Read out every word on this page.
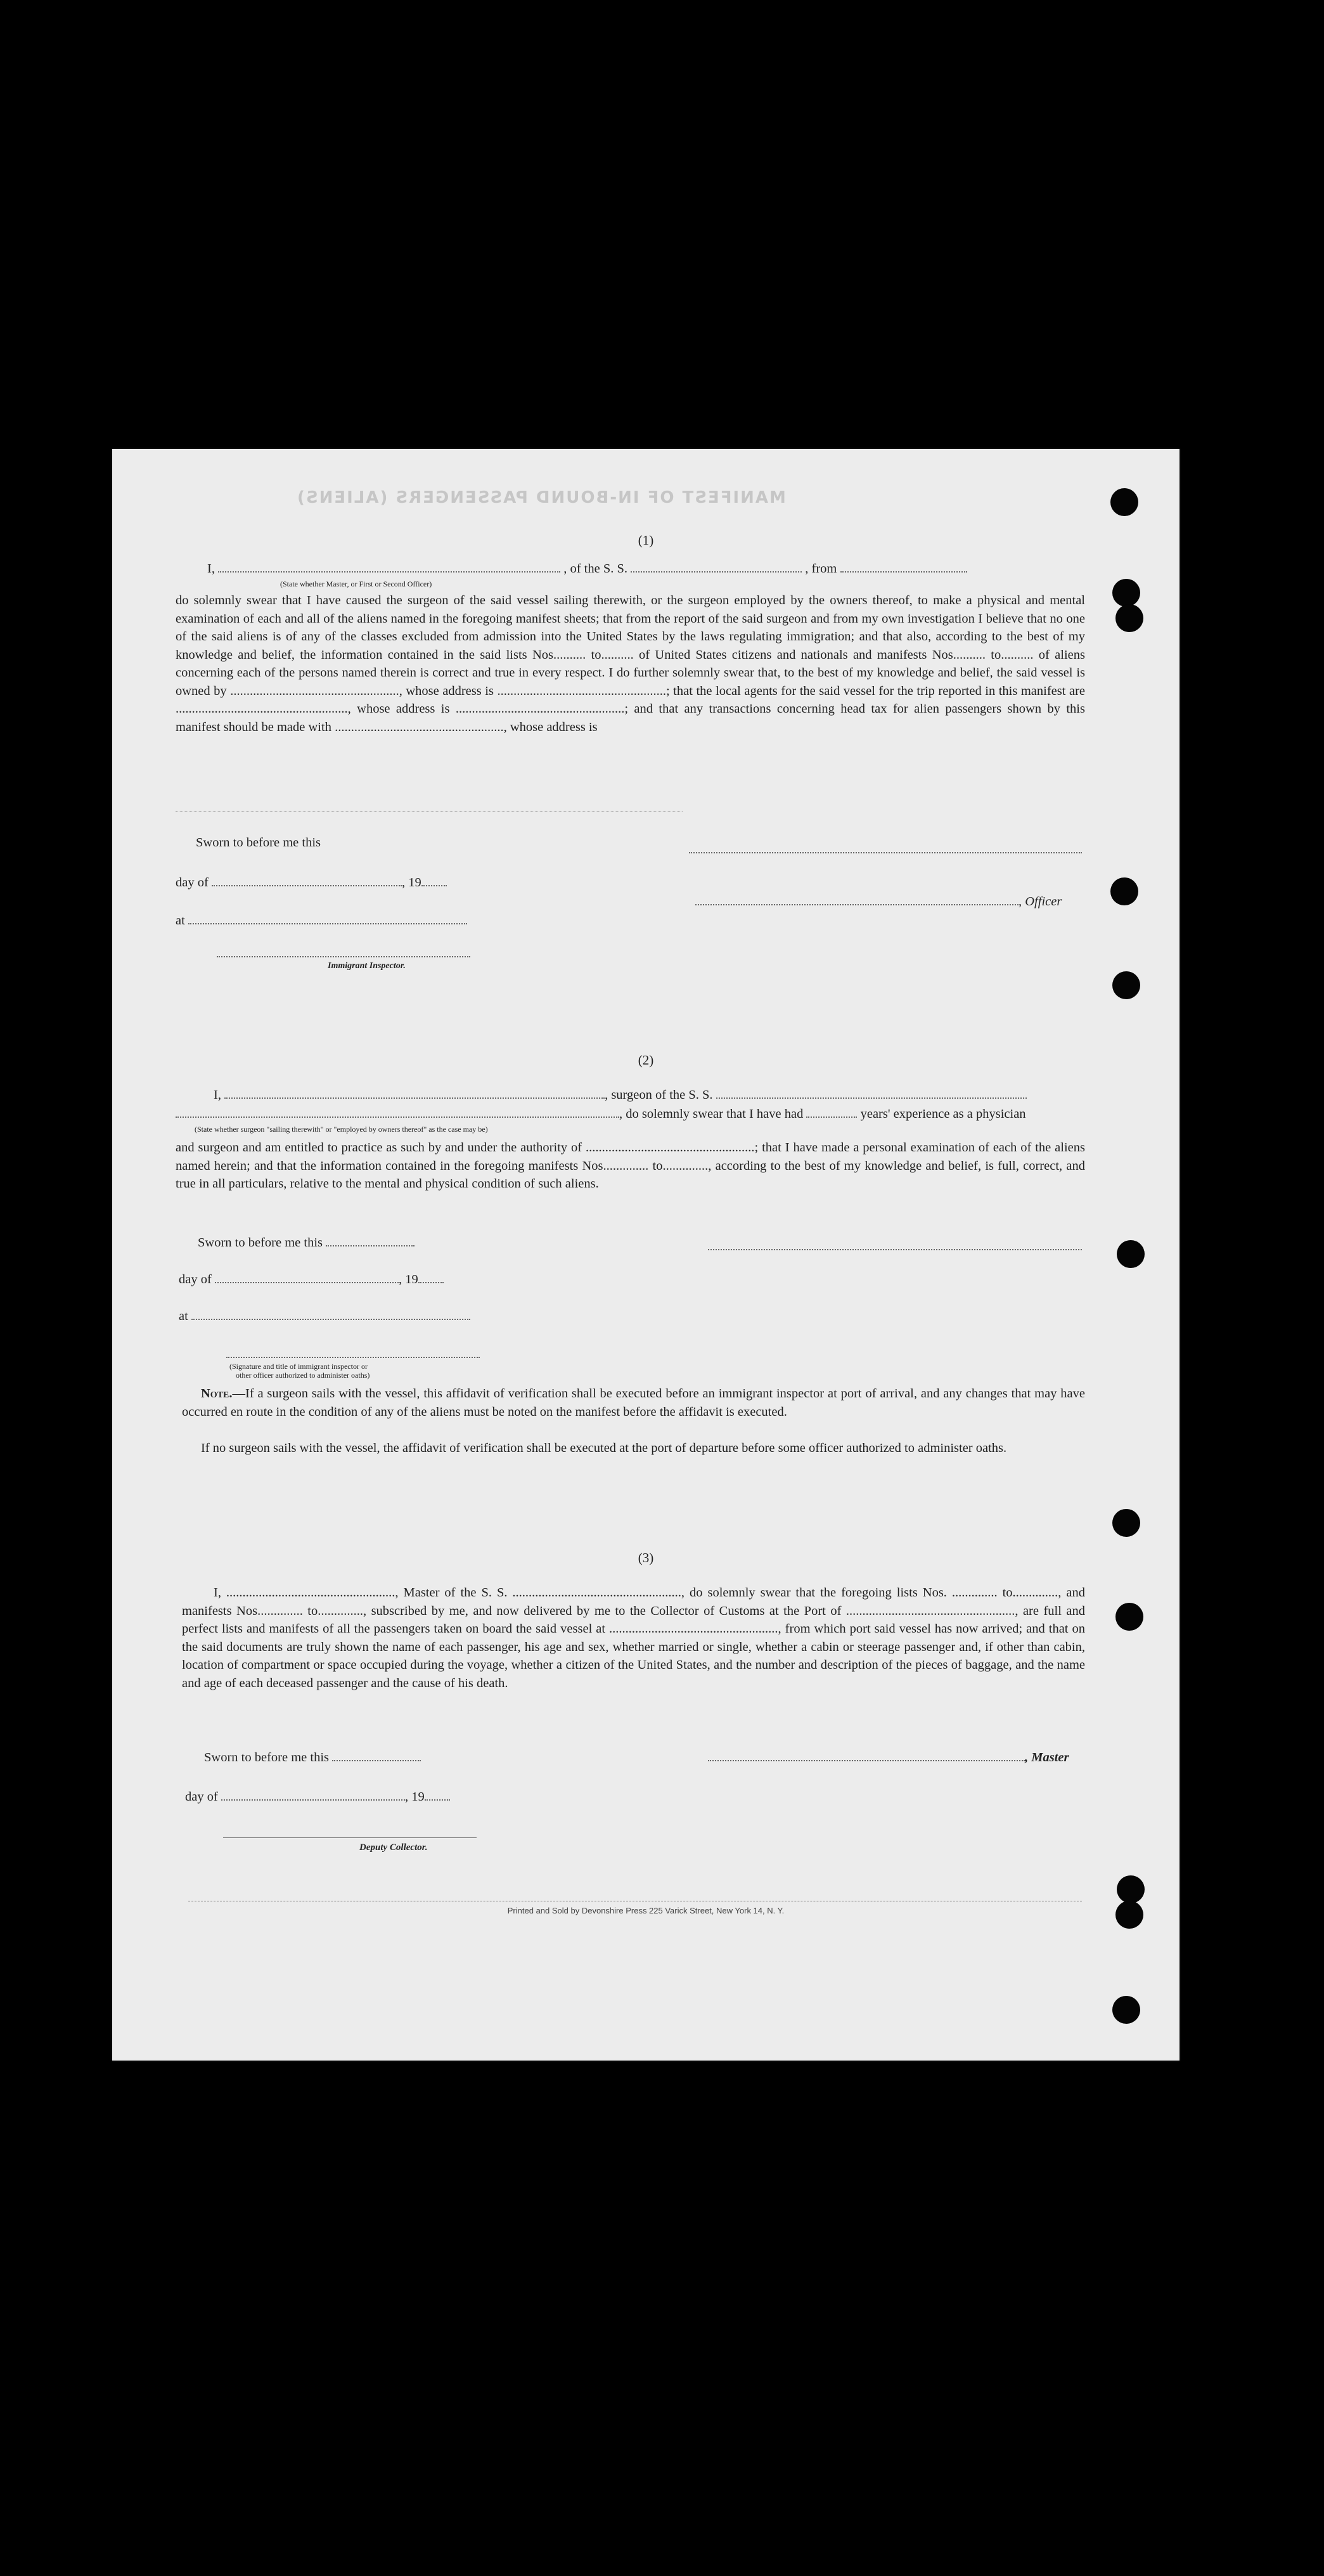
MANIFEST OF IN-BOUND PASSENGERS (ALIENS)
(1)
I,	, of the S. S.	, from
(State whether Master, or First or Second Officer)
do solemnly swear that I have caused the surgeon of the said vessel sailing therewith, or the surgeon employed by the owners thereof, to make a physical and mental examination of each and all of the aliens named in the foregoing manifest sheets; that from the report of the said surgeon and from my own investigation I believe that no one of the said aliens is of any of the classes excluded from admission into the United States by the laws regulating immigration; and that also, according to the best of my knowledge and belief, the information contained in the said lists Nos.......... to.......... of United States citizens and nationals and manifests Nos.......... to.......... of aliens concerning each of the persons named therein is correct and true in every respect. I do further solemnly swear that, to the best of my knowledge and belief, the said vessel is owned by ...................................................., whose address is ....................................................; that the local agents for the said vessel for the trip reported in this manifest are ....................................................., whose address is ....................................................; and that any transactions concerning head tax for alien passengers shown by this manifest should be made with ...................................................., whose address is
Sworn to before me this
day of	, 19
, Officer
at
Immigrant Inspector.
(2)
I,	, surgeon of the S. S.
, do solemnly swear that I have had	years' experience as a physician
(State whether surgeon "sailing therewith" or "employed by owners thereof" as the case may be)
and surgeon and am entitled to practice as such by and under the authority of ....................................................; that I have made a personal examination of each of the aliens named herein; and that the information contained in the foregoing manifests Nos.............. to.............., according to the best of my knowledge and belief, is full, correct, and true in all particulars, relative to the mental and physical condition of such aliens.
Sworn to before me this
day of	, 19
at
(Signature and title of immigrant inspector or
other officer authorized to administer oaths)
Note.—If a surgeon sails with the vessel, this affidavit of verification shall be executed before an immigrant inspector at port of arrival, and any changes that may have occurred en route in the condition of any of the aliens must be noted on the manifest before the affidavit is executed.
If no surgeon sails with the vessel, the affidavit of verification shall be executed at the port of departure before some officer authorized to administer oaths.
(3)
I, ...................................................., Master of the S. S. ...................................................., do solemnly swear that the foregoing lists Nos. .............. to.............., and manifests Nos.............. to.............., subscribed by me, and now delivered by me to the Collector of Customs at the Port of ...................................................., are full and perfect lists and manifests of all the passengers taken on board the said vessel at ...................................................., from which port said vessel has now arrived; and that on the said documents are truly shown the name of each passenger, his age and sex, whether married or single, whether a cabin or steerage passenger and, if other than cabin, location of compartment or space occupied during the voyage, whether a citizen of the United States, and the number and description of the pieces of baggage, and the name and age of each deceased passenger and the cause of his death.
Sworn to before me this	, Master
day of	, 19
Deputy Collector.
Printed and Sold by Devonshire Press 225 Varick Street, New York 14, N. Y.
